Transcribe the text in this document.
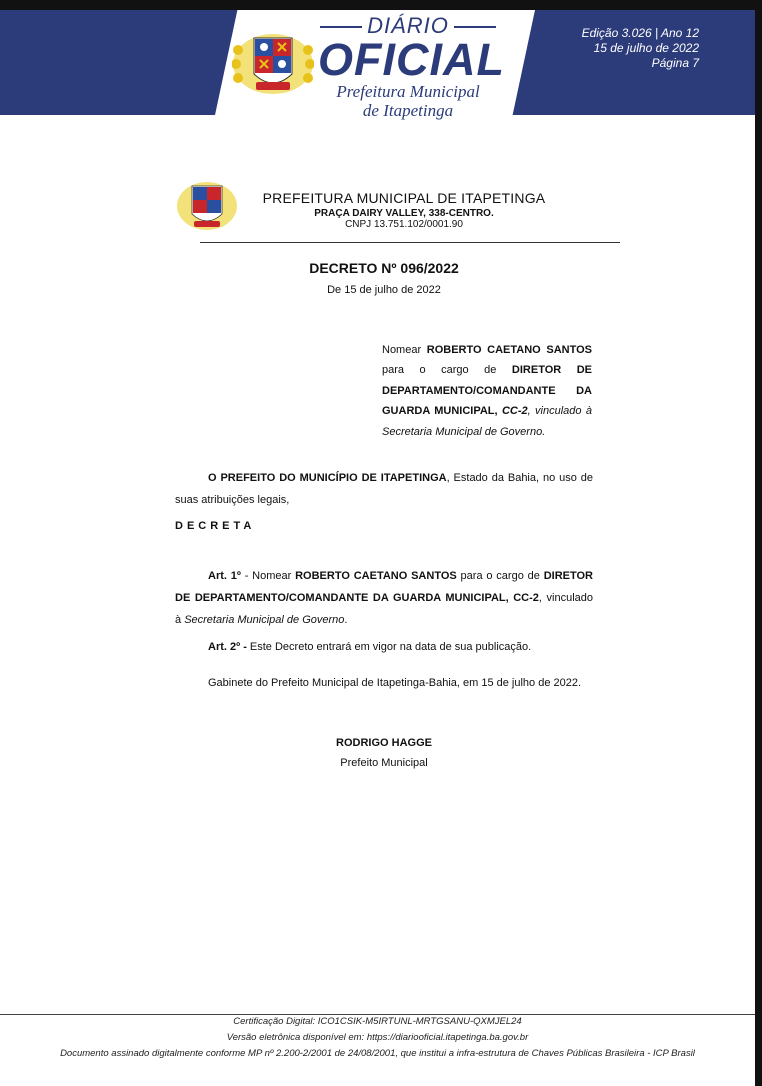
DIÁRIO
OFICIAL
Prefeitura Municipal
de Itapetinga
Edição 3.026 | Ano 12
15 de julho de 2022
Página 7
PREFEITURA MUNICIPAL DE ITAPETINGA
PRAÇA DAIRY VALLEY, 338-CENTRO.
CNPJ 13.751.102/0001.90
DECRETO Nº 096/2022
De 15 de julho de 2022
Nomear ROBERTO CAETANO SANTOS para o cargo de DIRETOR DE DEPARTAMENTO/COMANDANTE DA GUARDA MUNICIPAL, CC-2, vinculado à Secretaria Municipal de Governo.
O PREFEITO DO MUNICÍPIO DE ITAPETINGA, Estado da Bahia, no uso de suas atribuições legais,
DECRETA
Art. 1º - Nomear ROBERTO CAETANO SANTOS para o cargo de DIRETOR DE DEPARTAMENTO/COMANDANTE DA GUARDA MUNICIPAL, CC-2, vinculado à Secretaria Municipal de Governo.
Art. 2º - Este Decreto entrará em vigor na data de sua publicação.
Gabinete do Prefeito Municipal de Itapetinga-Bahia, em 15 de julho de 2022.
RODRIGO HAGGE
Prefeito Municipal
Certificação Digital: ICO1CSIK-M5IRTUNL-MRTGSANU-QXMJEL24
Versão eletrônica disponível em: https://diariooficial.itapetinga.ba.gov.br
Documento assinado digitalmente conforme MP nº 2.200-2/2001 de 24/08/2001, que institui a infra-estrutura de Chaves Públicas Brasileira - ICP Brasil
